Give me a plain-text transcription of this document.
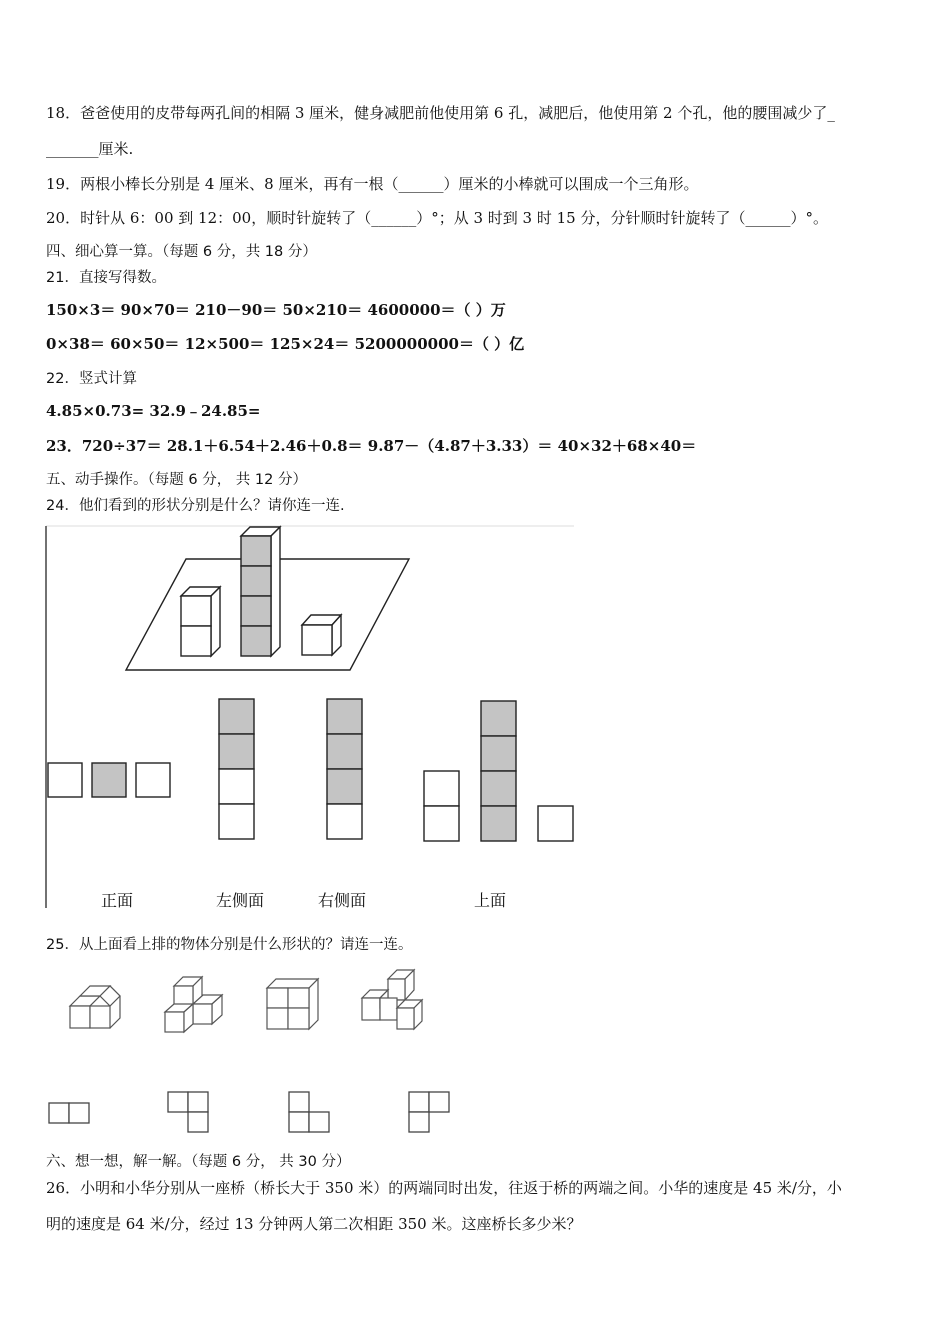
18．爸爸使用的皮带每两孔间的相隔 3 厘米，健身减肥前他使用第 6 孔，减肥后，他使用第 2 个孔，他的腰围减少了_
_______厘米.
19．两根小棒长分别是 4 厘米、8 厘米，再有一根（______）厘米的小棒就可以围成一个三角形。
20．时针从 6：00 到 12：00，顺时针旋转了（______）°；从 3 时到 3 时 15 分，分针顺时针旋转了（______）°。
四、细心算一算。（每题 6 分，共 18 分）
21．直接写得数。
150×3＝ 90×70＝ 210－90＝ 50×210＝ 4600000＝（ ）万
0×38＝ 60×50＝ 12×500＝ 125×24＝ 5200000000＝（ ）亿
22．竖式计算
4.85×0.73= 32.9﹣24.85=
23．720÷37＝ 28.1＋6.54＋2.46＋0.8＝ 9.87－（4.87＋3.33）＝ 40×32＋68×40＝
五、动手操作。（每题 6 分， 共 12 分）
24．他们看到的形状分别是什么？请你连一连.
正面	左侧面	右侧面	上面
25．从上面看上排的物体分别是什么形状的？请连一连。
六、想一想，解一解。（每题 6 分， 共 30 分）
26．小明和小华分别从一座桥（桥长大于 350 米）的两端同时出发，往返于桥的两端之间。小华的速度是 45 米/分，小
明的速度是 64 米/分，经过 13 分钟两人第二次相距 350 米。这座桥长多少米？
